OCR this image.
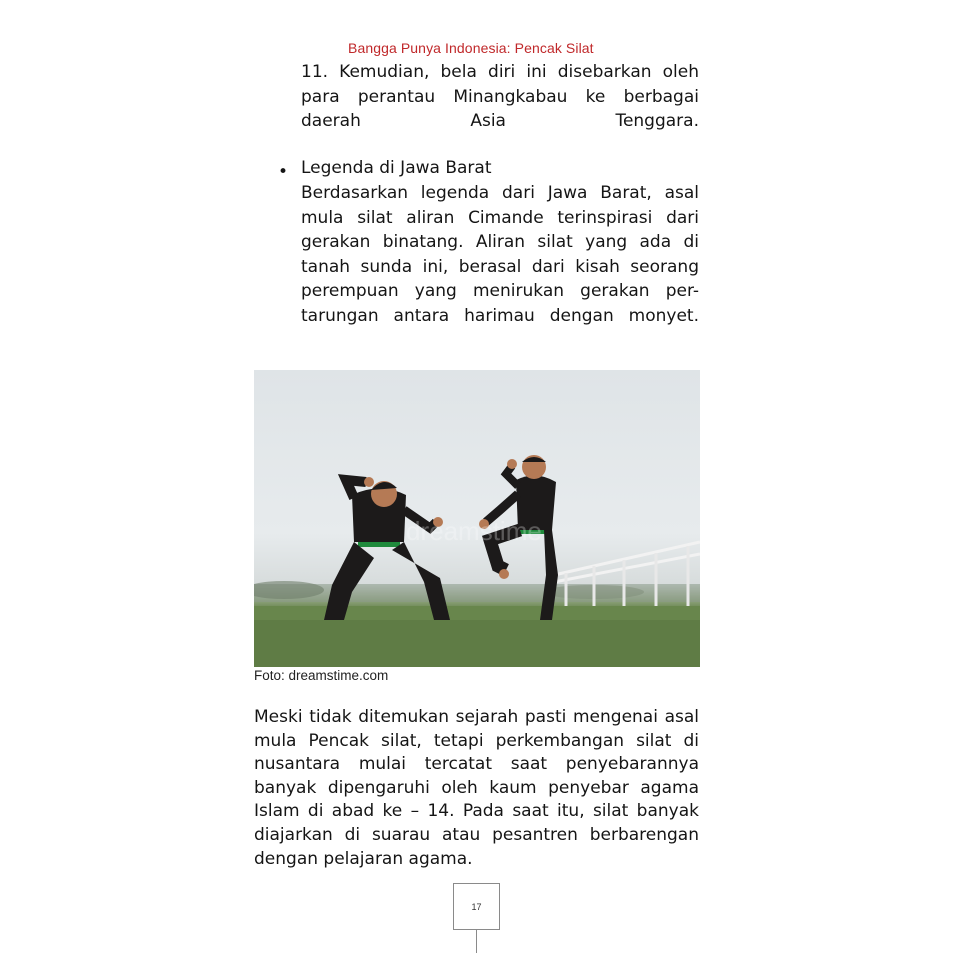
Bangga Punya Indonesia: Pencak Silat

11. Kemudian, bela diri ini disebarkan oleh para perantau Minangkabau ke berbagai daerah Asia Tenggara.

• Legenda di Jawa Barat

Berdasarkan legenda dari Jawa Barat, asal mula silat aliran Cimande terinspirasi dari gerakan binatang. Aliran silat yang ada di tanah sunda ini, berasal dari kisah seorang perempuan yang menirukan gerakan per-tarungan antara harimau dengan monyet.

dreamstime
Foto: dreamstime.com

Meski tidak ditemukan sejarah pasti mengenai asal mula Pencak silat, tetapi perkembangan silat di nusantara mulai tercatat saat penyebarannya banyak dipengaruhi oleh kaum penyebar agama Islam di abad ke – 14. Pada saat itu, silat banyak diajarkan di suarau atau pesantren berbarengan dengan pelajaran agama.

17
